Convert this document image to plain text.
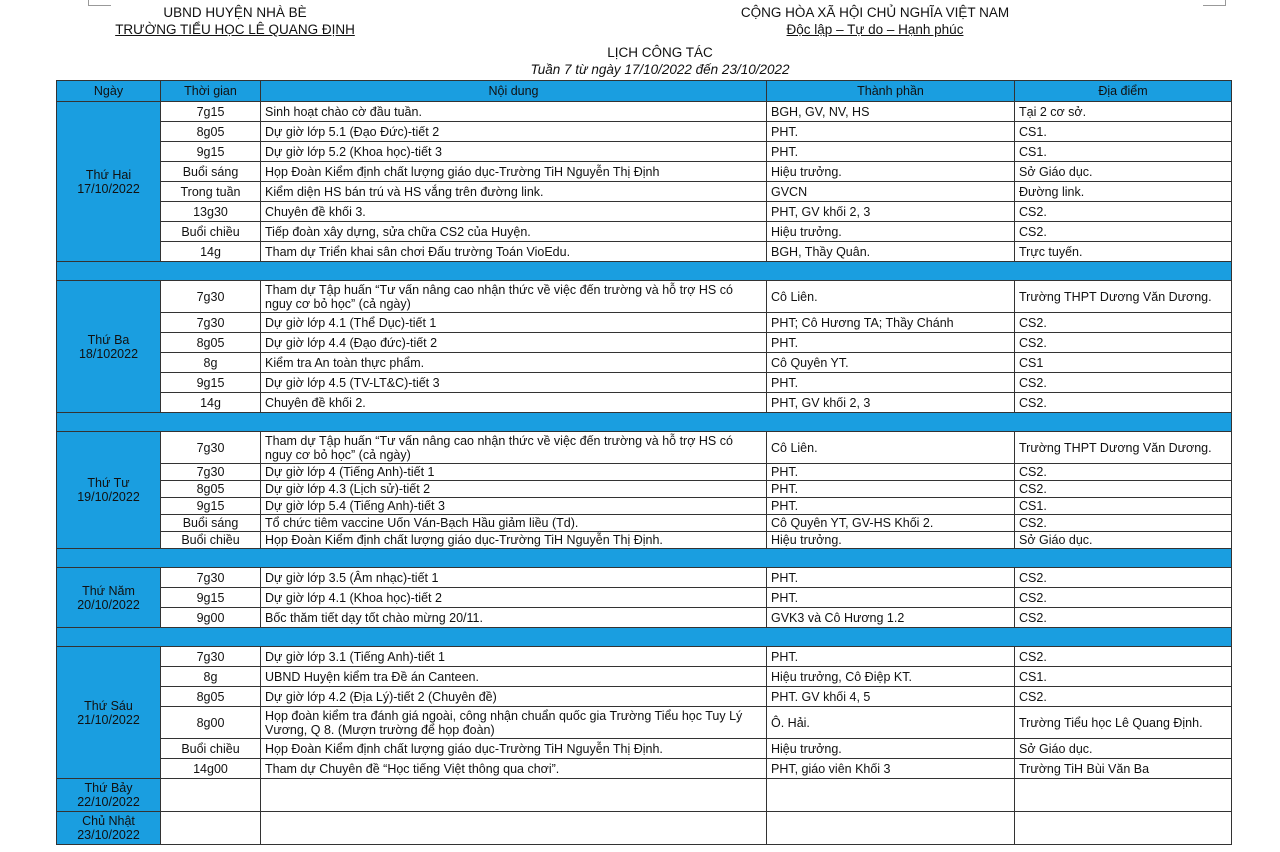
UBND HUYỆN NHÀ BÈ
TRƯỜNG TIỂU HỌC LÊ QUANG ĐỊNH
CỘNG HÒA XÃ HỘI CHỦ NGHĨA VIỆT NAM
Độc lập – Tự do – Hạnh phúc
LỊCH CÔNG TÁC
Tuần 7 từ ngày 17/10/2022 đến 23/10/2022
Ngày	Thời gian	Nội dung	Thành phần	Địa điểm

Thứ Hai
17/10/2022	7g15	Sinh hoạt chào cờ đầu tuần.	BGH, GV, NV, HS	Tại 2 cơ sở.
	8g05	Dự giờ lớp 5.1 (Đạo Đức)-tiết 2	PHT.	CS1.
	9g15	Dự giờ lớp 5.2 (Khoa học)-tiết 3	PHT.	CS1.
	Buổi sáng	Họp Đoàn Kiểm định chất lượng giáo dục-Trường TiH Nguyễn Thị Định	Hiệu trưởng.	Sở Giáo dục.
	Trong tuần	Kiểm diện HS bán trú và HS vắng trên đường link.	GVCN	Đường link.
	13g30	Chuyên đề khối 3.	PHT, GV khối 2, 3	CS2.
	Buổi chiều	Tiếp đoàn xây dựng, sửa chữa CS2 của Huyện.	Hiệu trưởng.	CS2.
	14g	Tham dự Triển khai sân chơi Đấu trường Toán VioEdu.	BGH, Thầy Quân.	Trực tuyến.

Thứ Ba
18/102022	7g30	Tham dự Tập huấn “Tư vấn nâng cao nhận thức về việc đến trường và hỗ trợ HS có nguy cơ bỏ học” (cả ngày)	Cô Liên.	Trường THPT Dương Văn Dương.
	7g30	Dự giờ lớp 4.1 (Thể Dục)-tiết 1	PHT; Cô Hương TA; Thầy Chánh	CS2.
	8g05	Dự giờ lớp 4.4 (Đạo đức)-tiết 2	PHT.	CS2.
	8g	Kiểm tra An toàn thực phẩm.	Cô Quyên YT.	CS1
	9g15	Dự giờ lớp 4.5 (TV-LT&C)-tiết 3	PHT.	CS2.
	14g	Chuyên đề khối 2.	PHT, GV khối 2, 3	CS2.

Thứ Tư
19/10/2022	7g30	Tham dự Tập huấn “Tư vấn nâng cao nhận thức về việc đến trường và hỗ trợ HS có nguy cơ bỏ học” (cả ngày)	Cô Liên.	Trường THPT Dương Văn Dương.
	7g30	Dự giờ lớp 4 (Tiếng Anh)-tiết 1	PHT.	CS2.
	8g05	Dự giờ lớp 4.3 (Lịch sử)-tiết 2	PHT.	CS2.
	9g15	Dự giờ lớp 5.4 (Tiếng Anh)-tiết 3	PHT.	CS1.
	Buổi sáng	Tổ chức tiêm vaccine Uốn Ván-Bạch Hầu giảm liều (Td).	Cô Quyên YT, GV-HS Khối 2.	CS2.
	Buổi chiều	Họp Đoàn Kiểm định chất lượng giáo dục-Trường TiH Nguyễn Thị Định.	Hiệu trưởng.	Sở Giáo dục.

Thứ Năm
20/10/2022	7g30	Dự giờ lớp 3.5 (Âm nhạc)-tiết 1	PHT.	CS2.
	9g15	Dự giờ lớp 4.1 (Khoa học)-tiết 2	PHT.	CS2.
	9g00	Bốc thăm tiết dạy tốt chào mừng 20/11.	GVK3 và Cô Hương 1.2	CS2.

Thứ Sáu
21/10/2022	7g30	Dự giờ lớp 3.1 (Tiếng Anh)-tiết 1	PHT.	CS2.
	8g	UBND Huyện kiểm tra Đề án Canteen.	Hiệu trưởng, Cô Điệp KT.	CS1.
	8g05	Dự giờ lớp 4.2 (Địa Lý)-tiết 2 (Chuyên đề)	PHT. GV khối 4, 5	CS2.
	8g00	Họp đoàn kiểm tra đánh giá ngoài, công nhận chuẩn quốc gia Trường Tiểu học Tuy Lý Vương, Q 8. (Mượn trường để họp đoàn)	Ô. Hải.	Trường Tiểu học Lê Quang Định.
	Buổi chiều	Họp Đoàn Kiểm định chất lượng giáo dục-Trường TiH Nguyễn Thị Định.	Hiệu trưởng.	Sở Giáo dục.
	14g00	Tham dự Chuyên đề “Học tiếng Việt thông qua chơi”.	PHT, giáo viên Khối 3	Trường TiH Bùi Văn Ba

Thứ Bảy
22/10/2022				

Chủ Nhật
23/10/2022				
